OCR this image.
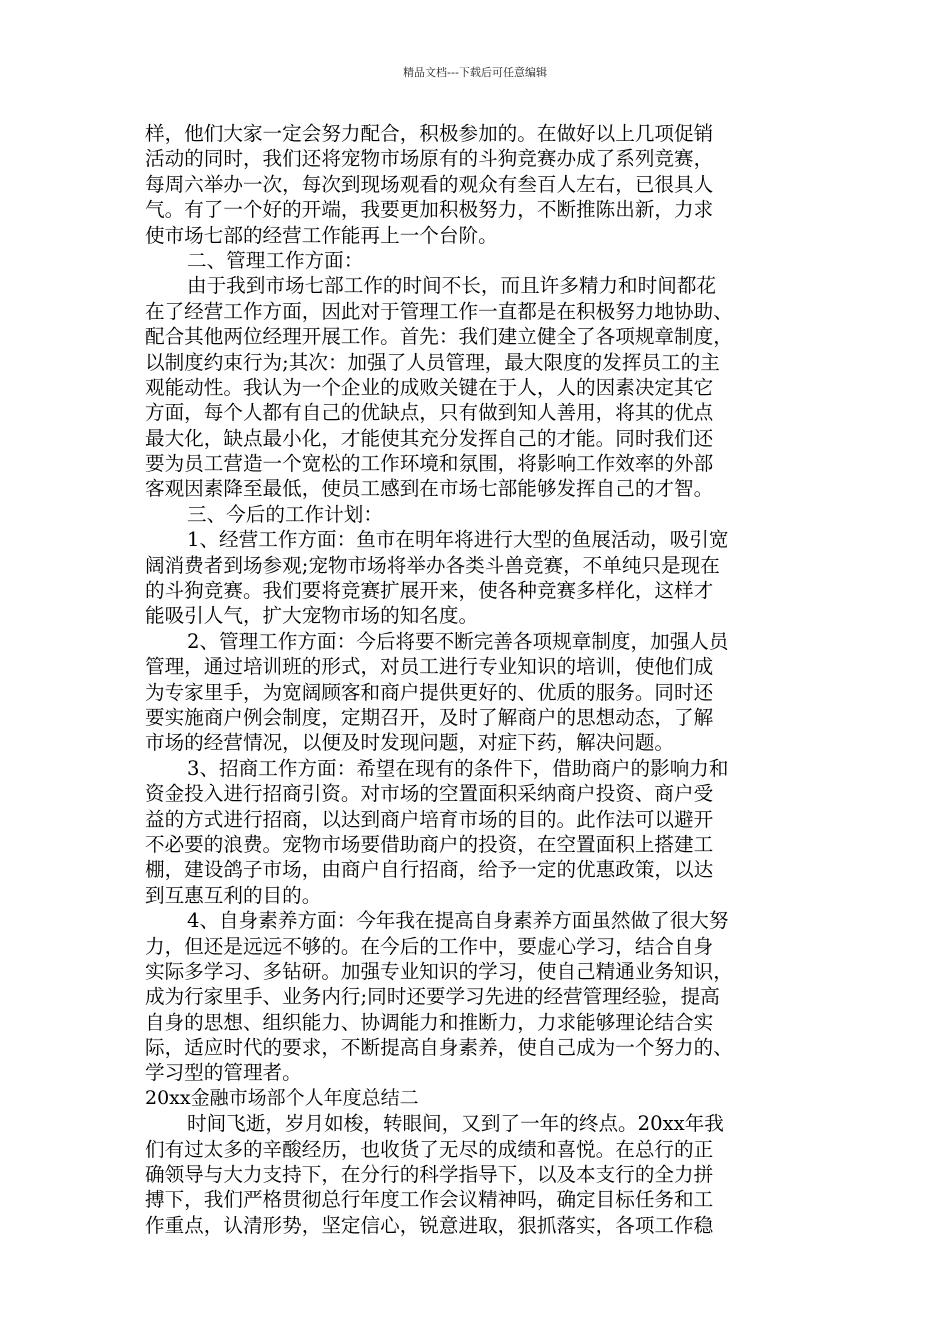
精品文档---下载后可任意编辑
样，他们大家一定会努力配合，积极参加的。在做好以上几项促销
活动的同时，我们还将宠物市场原有的斗狗竞赛办成了系列竞赛，
每周六举办一次，每次到现场观看的观众有叁百人左右，已很具人
气。有了一个好的开端，我要更加积极努力，不断推陈出新，力求
使市场七部的经营工作能再上一个台阶。
二、管理工作方面：
由于我到市场七部工作的时间不长，而且许多精力和时间都花
在了经营工作方面，因此对于管理工作一直都是在积极努力地协助、
配合其他两位经理开展工作。首先：我们建立健全了各项规章制度，
以制度约束行为;其次：加强了人员管理，最大限度的发挥员工的主
观能动性。我认为一个企业的成败关键在于人，人的因素决定其它
方面，每个人都有自己的优缺点，只有做到知人善用，将其的优点
最大化，缺点最小化，才能使其充分发挥自己的才能。同时我们还
要为员工营造一个宽松的工作环境和氛围，将影响工作效率的外部
客观因素降至最低，使员工感到在市场七部能够发挥自己的才智。
三、今后的工作计划：
1、经营工作方面：鱼市在明年将进行大型的鱼展活动，吸引宽
阔消费者到场参观;宠物市场将举办各类斗兽竞赛，不单纯只是现在
的斗狗竞赛。我们要将竞赛扩展开来，使各种竞赛多样化，这样才
能吸引人气，扩大宠物市场的知名度。
2、管理工作方面：今后将要不断完善各项规章制度，加强人员
管理，通过培训班的形式，对员工进行专业知识的培训，使他们成
为专家里手，为宽阔顾客和商户提供更好的、优质的服务。同时还
要实施商户例会制度，定期召开，及时了解商户的思想动态，了解
市场的经营情况，以便及时发现问题，对症下药，解决问题。
3、招商工作方面：希望在现有的条件下，借助商户的影响力和
资金投入进行招商引资。对市场的空置面积采纳商户投资、商户受
益的方式进行招商，以达到商户培育市场的目的。此作法可以避开
不必要的浪费。宠物市场要借助商户的投资，在空置面积上搭建工
棚，建设鸽子市场，由商户自行招商，给予一定的优惠政策，以达
到互惠互利的目的。
4、自身素养方面：今年我在提高自身素养方面虽然做了很大努
力，但还是远远不够的。在今后的工作中，要虚心学习，结合自身
实际多学习、多钻研。加强专业知识的学习，使自己精通业务知识，
成为行家里手、业务内行;同时还要学习先进的经营管理经验，提高
自身的思想、组织能力、协调能力和推断力，力求能够理论结合实
际，适应时代的要求，不断提高自身素养，使自己成为一个努力的、
学习型的管理者。
20xx金融市场部个人年度总结二
时间飞逝，岁月如梭，转眼间，又到了一年的终点。20xx年我
们有过太多的辛酸经历，也收货了无尽的成绩和喜悦。在总行的正
确领导与大力支持下，在分行的科学指导下，以及本支行的全力拼
搏下，我们严格贯彻总行年度工作会议精神吗，确定目标任务和工
作重点，认清形势，坚定信心，锐意进取，狠抓落实，各项工作稳
